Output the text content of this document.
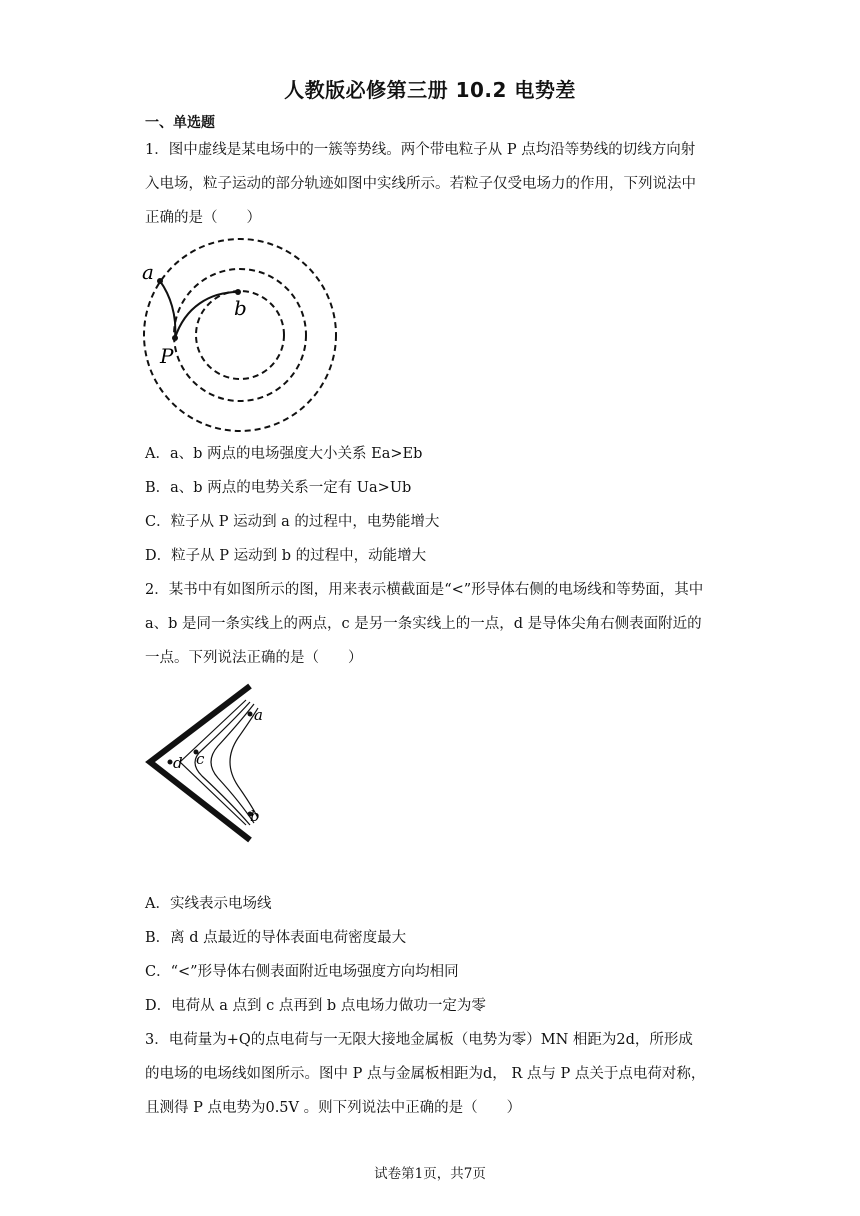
人教版必修第三册 10.2 电势差
一、单选题
1．图中虚线是某电场中的一簇等势线。两个带电粒子从 P 点均沿等势线的切线方向射
入电场，粒子运动的部分轨迹如图中实线所示。若粒子仅受电场力的作用，下列说法中
正确的是（　　）
a
b
P
A．a、b 两点的电场强度大小关系 Ea>Eb
B．a、b 两点的电势关系一定有 Ua>Ub
C．粒子从 P 运动到 a 的过程中，电势能增大
D．粒子从 P 运动到 b 的过程中，动能增大
2．某书中有如图所示的图，用来表示横截面是“<”形导体右侧的电场线和等势面，其中
a、b 是同一条实线上的两点，c 是另一条实线上的一点，d 是导体尖角右侧表面附近的
一点。下列说法正确的是（　　）
a
b
c
d
A．实线表示电场线
B．离 d 点最近的导体表面电荷密度最大
C．“<”形导体右侧表面附近电场强度方向均相同
D．电荷从 a 点到 c 点再到 b 点电场力做功一定为零
3．电荷量为+Q的点电荷与一无限大接地金属板（电势为零）MN 相距为2d，所形成
的电场的电场线如图所示。图中 P 点与金属板相距为d， R 点与 P 点关于点电荷对称，
且测得 P 点电势为0.5V 。则下列说法中正确的是（　　）
试卷第1页，共7页
